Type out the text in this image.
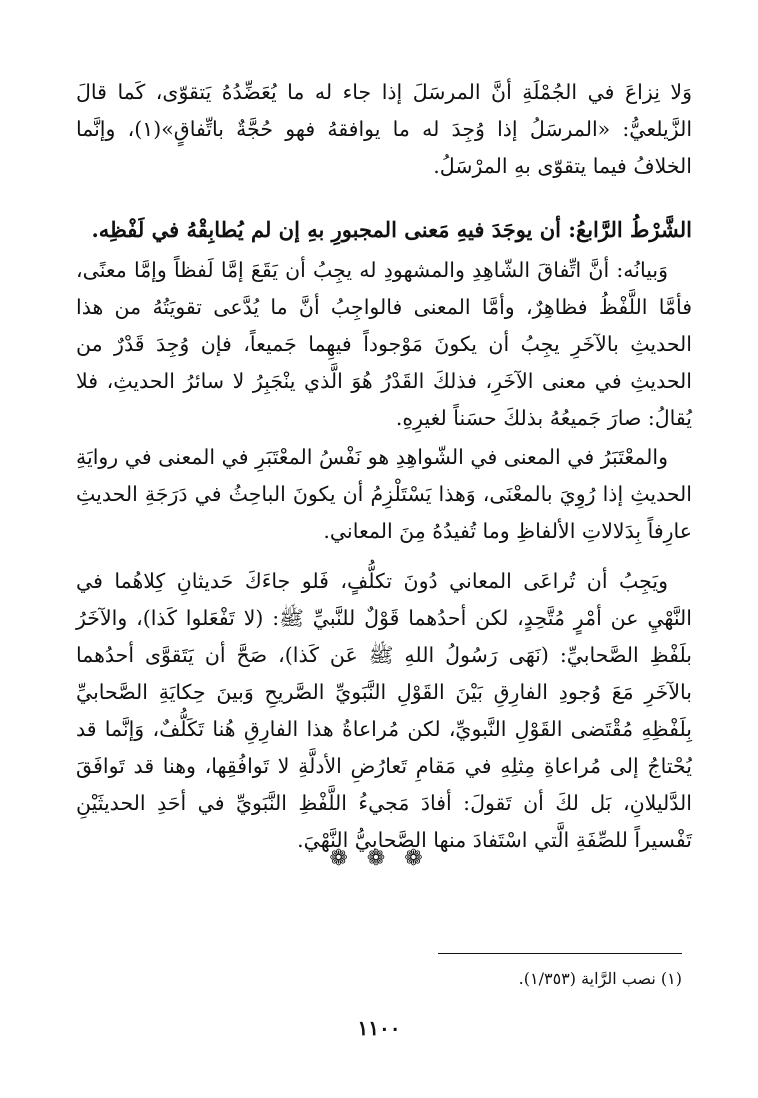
وَلا نِزاعَ في الجُمْلَةِ أنَّ المرسَلَ إذا جاء له ما يُعَضِّدُهُ يَتقوّى، كَما قالَ الزَّيلعيُّ: «المرسَلُ إذا وُجِدَ له ما يوافقهُ فهو حُجَّةٌ باتِّفاقٍ»(١)، وإنَّما الخلافُ فيما يتقوّى بهِ المرْسَلُ.

الشَّرْطُ الرَّابعُ: أن يوجَدَ فيهِ مَعنى المجبورِ بهِ إن لم يُطابِقْهُ في لَفْظِه.

وَبيانُه: أنَّ اتِّفاقَ الشّاهِدِ والمشهودِ له يجِبُ أن يَقَعَ إمَّا لَفظاً وإمَّا معنًى، فأمَّا اللَّفْظُ فظاهِرٌ، وأمَّا المعنى فالواجِبُ أنَّ ما يُدَّعى تقويَتُهُ من هذا الحديثِ بالآخَرِ يجِبُ أن يكونَ مَوْجوداً فيهِما جَميعاً، فإن وُجِدَ قَدْرٌ من الحديثِ في معنى الآخَرِ، فذلكَ القَدْرُ هُوَ الَّذي ينْجَبِرُ لا سائرُ الحديثِ، فلا يُقالُ: صارَ جَميعُهُ بذلكَ حسَناً لغيرِهِ.

والمعْتَبَرُ في المعنى في الشّواهِدِ هو نَفْسُ المعْتَبَرِ في المعنى في روايَةِ الحديثِ إذا رُوِيَ بالمعْنَى، وَهذا يَسْتَلْزِمُ أن يكونَ الباحِثُ في دَرَجَةِ الحديثِ عارِفاً بِدَلالاتِ الألفاظِ وما تُفيدُهُ مِنَ المعاني.

ويَجِبُ أن تُراعَى المعاني دُونَ تكلُّفٍ، فَلو جاءَكَ حَديثانِ كِلاهُما في النَّهْيِ عن أمْرٍ مُتَّحِدٍ، لكن أحدُهما قَوْلٌ للنَّبيِّ ﷺ: (لا تَفْعَلوا كَذا)، والآخَرُ بلَفْظِ الصَّحابيِّ: (نَهَى رَسُولُ اللهِ ﷺ عَن كَذا)، صَحَّ أن يَتَقوَّى أحدُهما بالآخَرِ مَعَ وُجودِ الفارِقِ بَيْنَ القَوْلِ النَّبَويِّ الصَّريحِ وَبينَ حِكايَةِ الصَّحابيِّ بِلَفْظِهِ مُقْتَضى القَوْلِ النَّبويِّ، لكن مُراعاةُ هذا الفارِقِ هُنا تَكَلُّفٌ، وَإنَّما قد يُحْتاجُ إلى مُراعاةِ مِثلِهِ في مَقامِ تَعارُضِ الأدلَّةِ لا تَوافُقِها، وهنا قد تَوافَقَ الدَّليلانِ، بَل لكَ أن تَقولَ: أفادَ مَجيءُ اللَّفْظِ النَّبَويِّ في أحَدِ الحديثَيْنِ تَفْسيراً للصِّفَةِ الَّتي اسْتَفادَ منها الصَّحابيُّ النَّهْيَ.

❁ ❁ ❁
(١) نصب الرَّاية (١/٣٥٣).
١١٠٠
